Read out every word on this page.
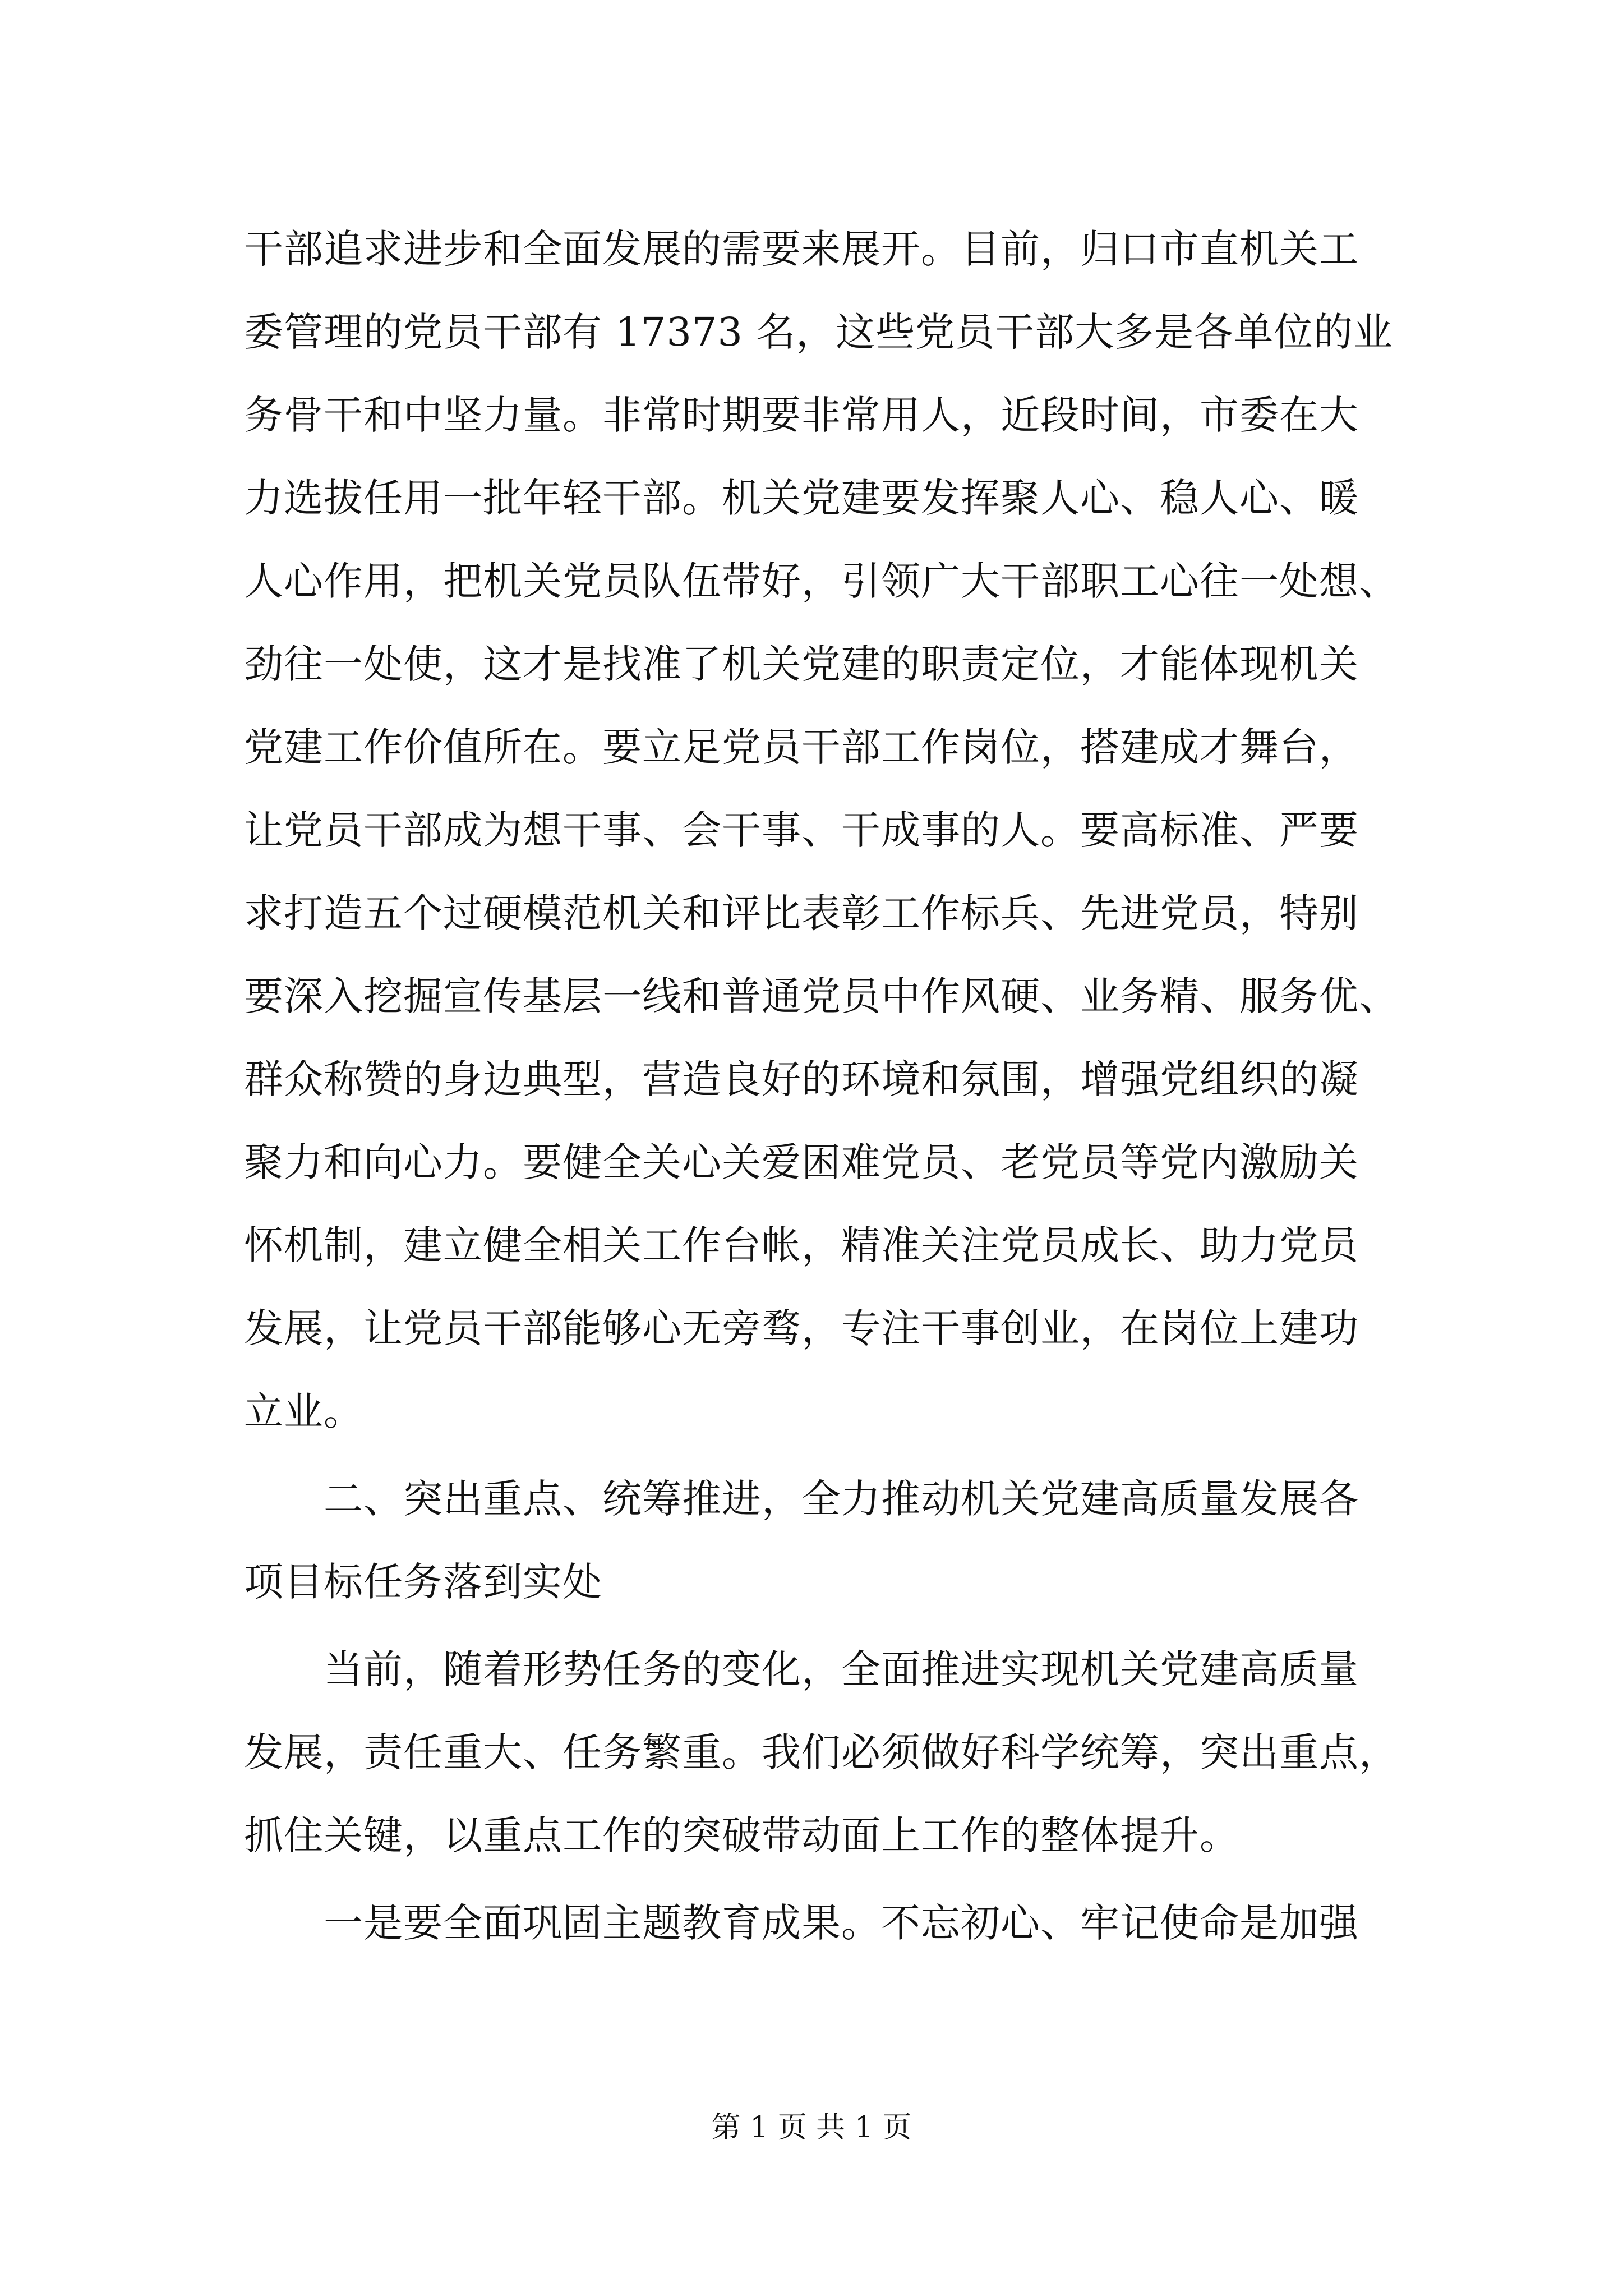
干部追求进步和全面发展的需要来展开。目前，归口市直机关工
委管理的党员干部有 17373 名，这些党员干部大多是各单位的业
务骨干和中坚力量。非常时期要非常用人，近段时间，市委在大
力选拔任用一批年轻干部。机关党建要发挥聚人心、稳人心、暖
人心作用，把机关党员队伍带好，引领广大干部职工心往一处想、
劲往一处使，这才是找准了机关党建的职责定位，才能体现机关
党建工作价值所在。要立足党员干部工作岗位，搭建成才舞台，
让党员干部成为想干事、会干事、干成事的人。要高标准、严要
求打造五个过硬模范机关和评比表彰工作标兵、先进党员，特别
要深入挖掘宣传基层一线和普通党员中作风硬、业务精、服务优、
群众称赞的身边典型，营造良好的环境和氛围，增强党组织的凝
聚力和向心力。要健全关心关爱困难党员、老党员等党内激励关
怀机制，建立健全相关工作台帐，精准关注党员成长、助力党员
发展，让党员干部能够心无旁骛，专注干事创业，在岗位上建功
立业。
　　二、突出重点、统筹推进，全力推动机关党建高质量发展各
项目标任务落到实处
　　当前，随着形势任务的变化，全面推进实现机关党建高质量
发展，责任重大、任务繁重。我们必须做好科学统筹，突出重点，
抓住关键，以重点工作的突破带动面上工作的整体提升。
　　一是要全面巩固主题教育成果。不忘初心、牢记使命是加强
第 1 页 共 1 页
